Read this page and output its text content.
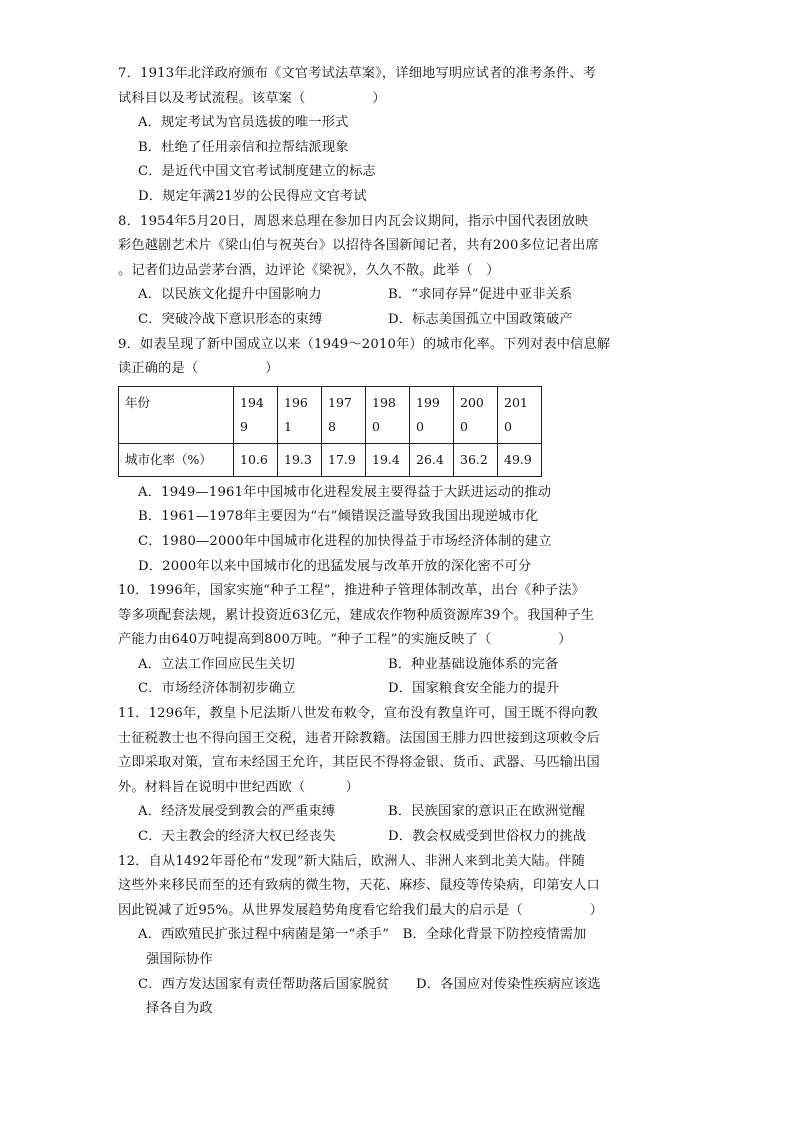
7．1913年北洋政府颁布《文官考试法草案》，详细地写明应试者的准考条件、考
试科目以及考试流程。该草案（　　　　　）
A．规定考试为官员选拔的唯一形式
B．杜绝了任用亲信和拉帮结派现象
C．是近代中国文官考试制度建立的标志
D．规定年满21岁的公民得应文官考试
8．1954年5月20日，周恩来总理在参加日内瓦会议期间，指示中国代表团放映
彩色越剧艺术片《梁山伯与祝英台》以招待各国新闻记者，共有200多位记者出席
。记者们边品尝茅台酒，边评论《梁祝》，久久不散。此举（　）
A．以民族文化提升中国影响力	B．“求同存异”促进中亚非关系
C．突破冷战下意识形态的束缚	D．标志美国孤立中国政策破产
9．如表呈现了新中国成立以来（1949～2010年）的城市化率。下列对表中信息解
读正确的是（　　　　　）
年份	1949	1961	1978	1980	1990	2000	2010
城市化率（%）	10.6	19.3	17.9	19.4	26.4	36.2	49.9
A．1949—1961年中国城市化进程发展主要得益于大跃进运动的推动
B．1961—1978年主要因为“右”倾错误泛滥导致我国出现逆城市化
C．1980—2000年中国城市化进程的加快得益于市场经济体制的建立
D．2000年以来中国城市化的迅猛发展与改革开放的深化密不可分
10．1996年，国家实施“种子工程”，推进种子管理体制改革，出台《种子法》
等多项配套法规，累计投资近63亿元，建成农作物种质资源库39个。我国种子生
产能力由640万吨提高到800万吨。“种子工程”的实施反映了（　　　　　）
A．立法工作回应民生关切	B．种业基础设施体系的完备
C．市场经济体制初步确立	D．国家粮食安全能力的提升
11．1296年，教皇卜尼法斯八世发布敕令，宣布没有教皇许可，国王既不得向教
士征税教士也不得向国王交税，违者开除教籍。法国国王腓力四世接到这项敕令后
立即采取对策，宣布未经国王允许，其臣民不得将金银、货币、武器、马匹输出国
外。材料旨在说明中世纪西欧（　　　）
A．经济发展受到教会的严重束缚	B．民族国家的意识正在欧洲觉醒
C．天主教会的经济大权已经丧失	D．教会权威受到世俗权力的挑战
12．自从1492年哥伦布“发现”新大陆后，欧洲人、非洲人来到北美大陆。伴随
这些外来移民而至的还有致病的微生物，天花、麻疹、鼠疫等传染病，印第安人口
因此锐减了近95%。从世界发展趋势角度看它给我们最大的启示是（　　　　　）
A．西欧殖民扩张过程中病菌是第一“杀手”　B．全球化背景下防控疫情需加
强国际协作
C．西方发达国家有责任帮助落后国家脱贫　　D．各国应对传染性疾病应该选
择各自为政
